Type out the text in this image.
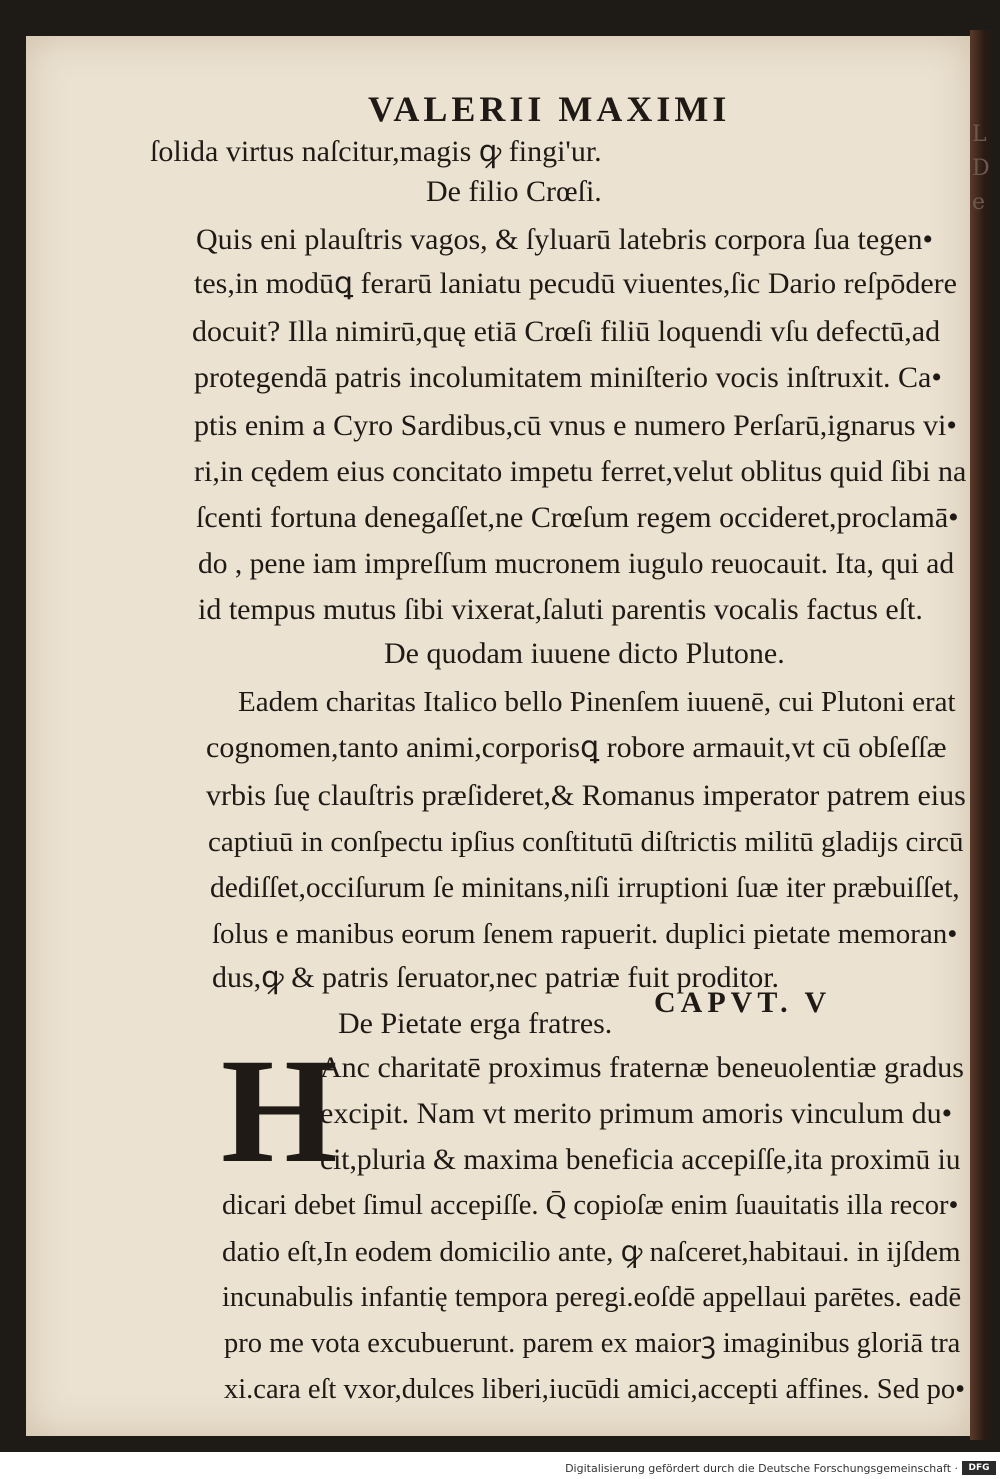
L
D
e
VALERII MAXIMI
ſolida virtus naſcitur,magis ꝙ fingi'ur.
De filio Crœſi.
Quis eni plauſtris vagos, & ſyluarū latebris corpora ſua tegen•
tes,in modūꝗ ferarū laniatu pecudū viuentes,ſic Dario reſpōdere
docuit? Illa nimirū,quę etiā Crœſi filiū loquendi vſu defectū,ad
protegendā patris incolumitatem miniſterio vocis inſtruxit. Ca•
ptis enim a Cyro Sardibus,cū vnus e numero Perſarū,ignarus vi•
ri,in cędem eius concitato impetu ferret,velut oblitus quid ſibi na
ſcenti fortuna denegaſſet,ne Crœſum regem occideret,proclamā•
do , pene iam impreſſum mucronem iugulo reuocauit. Ita, qui ad
id tempus mutus ſibi vixerat,ſaluti parentis vocalis factus eſt.
De quodam iuuene dicto Plutone.
Eadem charitas Italico bello Pinenſem iuuenē, cui Plutoni erat
cognomen,tanto animi,corporisꝗ robore armauit,vt cū obſeſſæ
vrbis ſuę clauſtris præſideret,& Romanus imperator patrem eius
captiuū in conſpectu ipſius conſtitutū diſtrictis militū gladijs circū
dediſſet,occiſurum ſe minitans,niſi irruptioni ſuæ iter præbuiſſet,
ſolus e manibus eorum ſenem rapuerit. duplici pietate memoran•
dus,ꝙ & patris ſeruator,nec patriæ fuit proditor.
De Pietate erga fratres.
CAPVT. V
H
Anc charitatē proximus fraternæ beneuolentiæ gradus
excipit. Nam vt merito primum amoris vinculum du•
cit,pluria & maxima beneficia accepiſſe,ita proximū iu
dicari debet ſimul accepiſſe. Q̄ copioſæ enim ſuauitatis illa recor•
datio eſt,In eodem domicilio ante, ꝙ naſceret,habitaui. in ijſdem
incunabulis infantię tempora peregi.eoſdē appellaui parētes. eadē
pro me vota excubuerunt. parem ex maiorꝫ imaginibus gloriā tra
xi.cara eſt vxor,dulces liberi,iucūdi amici,accepti affines. Sed po•
Digitalisierung gefördert durch die Deutsche Forschungsgemeinschaft ·	DFG
